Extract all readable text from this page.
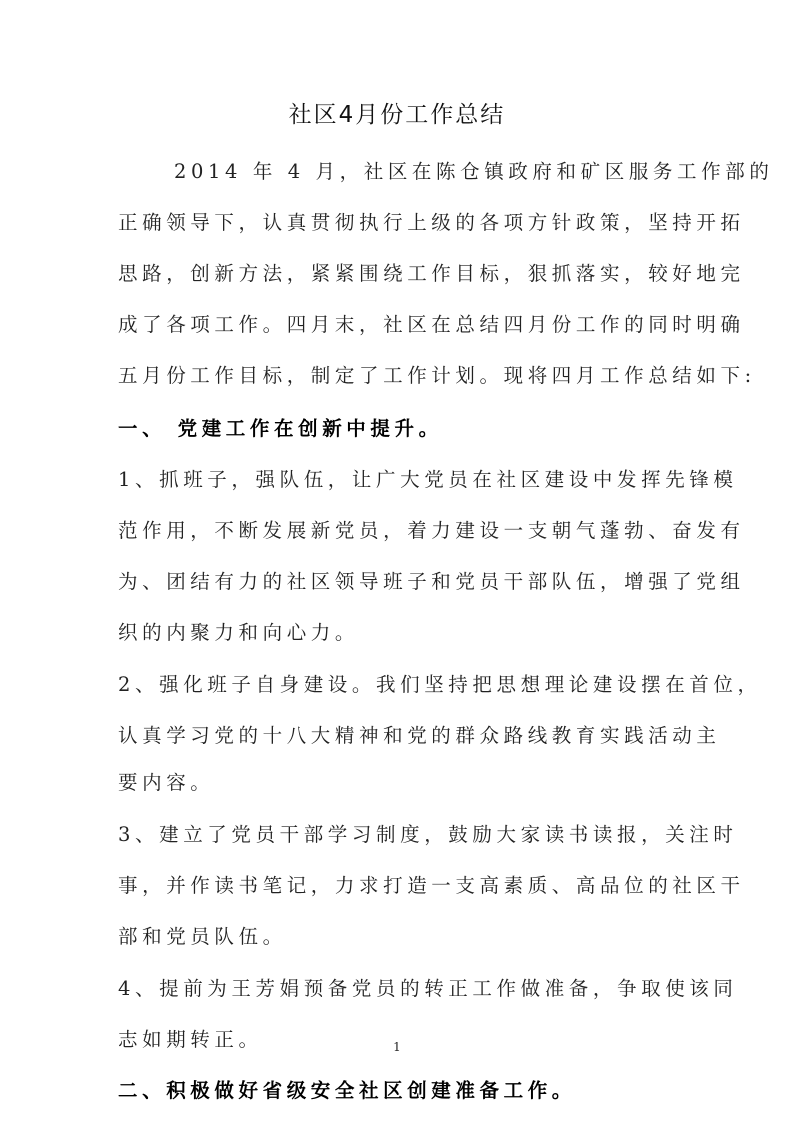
社区4月份工作总结
2014 年 4 月，社区在陈仓镇政府和矿区服务工作部的
正确领导下，认真贯彻执行上级的各项方针政策，坚持开拓
思路，创新方法，紧紧围绕工作目标，狠抓落实，较好地完
成了各项工作。四月末，社区在总结四月份工作的同时明确
五月份工作目标，制定了工作计划。现将四月工作总结如下:
一、 党建工作在创新中提升。
1、抓班子，强队伍，让广大党员在社区建设中发挥先锋模
范作用，不断发展新党员，着力建设一支朝气蓬勃、奋发有
为、团结有力的社区领导班子和党员干部队伍，增强了党组
织的内聚力和向心力。
2、强化班子自身建设。我们坚持把思想理论建设摆在首位，
认真学习党的十八大精神和党的群众路线教育实践活动主
要内容。
3、建立了党员干部学习制度，鼓励大家读书读报，关注时
事，并作读书笔记，力求打造一支高素质、高品位的社区干
部和党员队伍。
4、提前为王芳娟预备党员的转正工作做准备，争取使该同
志如期转正。
二、积极做好省级安全社区创建准备工作。
1
